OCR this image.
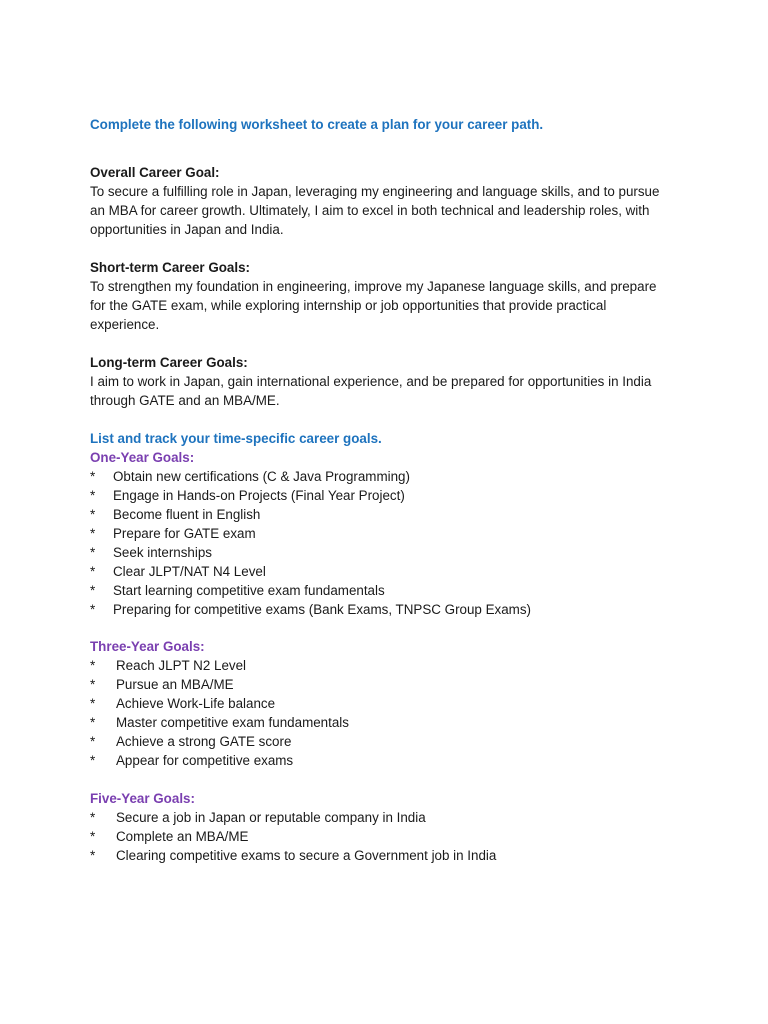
Complete the following worksheet to create a plan for your career path.
Overall Career Goal:

To secure a fulfilling role in Japan, leveraging my engineering and language skills, and to pursue
an MBA for career growth. Ultimately, I aim to excel in both technical and leadership roles, with
opportunities in Japan and India.

Short-term Career Goals:

To strengthen my foundation in engineering, improve my Japanese language skills, and prepare
for the GATE exam, while exploring internship or job opportunities that provide practical
experience.

Long-term Career Goals:

I aim to work in Japan, gain international experience, and be prepared for opportunities in India
through GATE and an MBA/ME.

List and track your time-specific career goals.
One-Year Goals:
* Obtain new certifications (C & Java Programming)
* Engage in Hands-on Projects (Final Year Project)
* Become fluent in English
* Prepare for GATE exam
* Seek internships
* Clear JLPT/NAT N4 Level
* Start learning competitive exam fundamentals
* Preparing for competitive exams (Bank Exams, TNPSC Group Exams)
Three-Year Goals:
* Reach JLPT N2 Level
* Pursue an MBA/ME
* Achieve Work-Life balance
* Master competitive exam fundamentals
* Achieve a strong GATE score
* Appear for competitive exams
Five-Year Goals:
* Secure a job in Japan or reputable company in India
* Complete an MBA/ME
* Clearing competitive exams to secure a Government job in India
